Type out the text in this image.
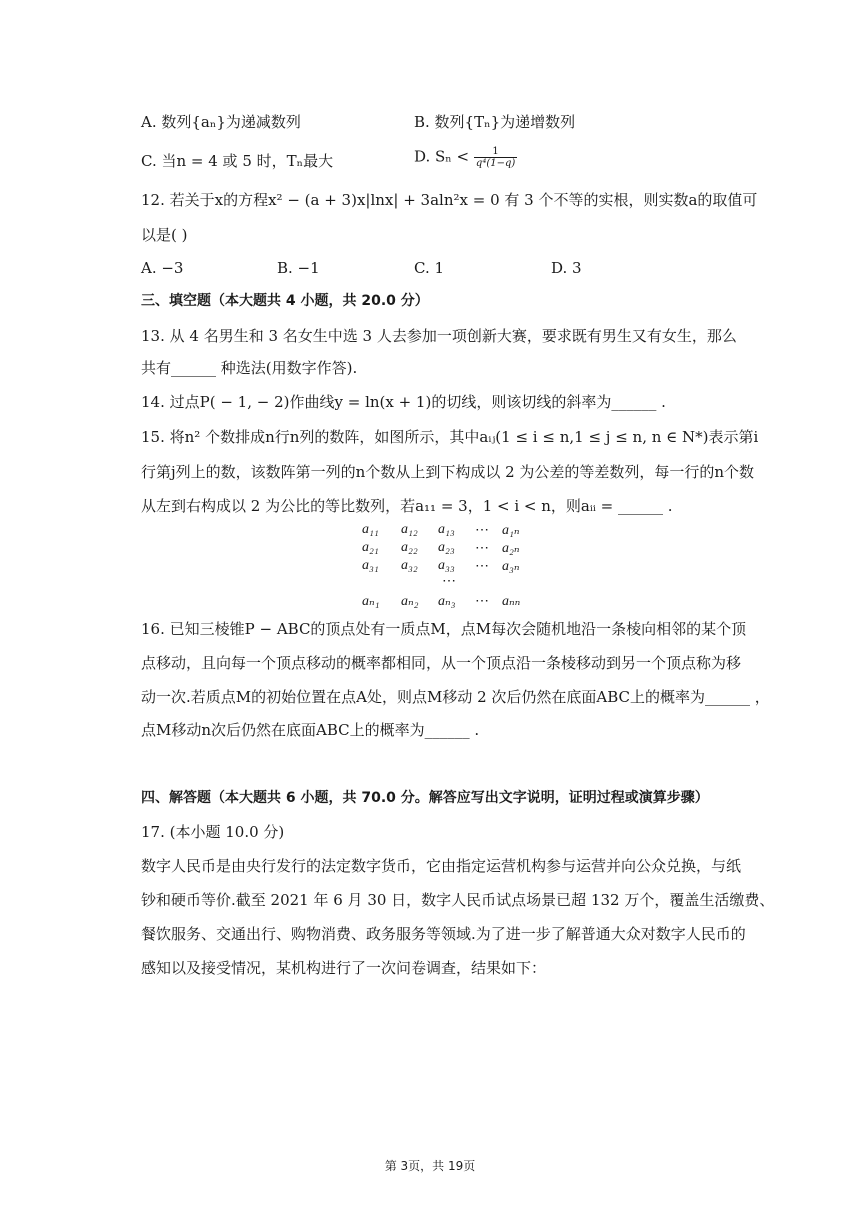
A. 数列{aₙ}为递减数列	B. 数列{Tₙ}为递增数列
C. 当n = 4 或 5 时，Tₙ最大	D. $S_n < \frac{1}{\text{q⁴(1−q)}}$
12. 若关于x的方程x² − (a + 3)x|lnx| + 3aln²x = 0 有 3 个不等的实根，则实数a的取值可
以是( )
A. −3	B. −1	C. 1	D. 3
三、填空题（本大题共 4 小题，共 20.0 分）
13. 从 4 名男生和 3 名女生中选 3 人去参加一项创新大赛，要求既有男生又有女生，那么
共有______ 种选法(用数字作答).
14. 过点P( − 1, − 2)作曲线y = ln(x + 1)的切线，则该切线的斜率为______ .
15. 将n² 个数排成n行n列的数阵，如图所示，其中aᵢⱼ(1 ≤ i ≤ n,1 ≤ j ≤ n, n ∈ N*)表示第i
行第j列上的数，该数阵第一列的n个数从上到下构成以 2 为公差的等差数列，每一行的n个数
从左到右构成以 2 为公比的等比数列，若a₁₁ = 3，1 < i < n，则aᵢᵢ = ______ .
a₁₁ a₁₂ a₁₃ ⋯ a₁ₙ
a₂₁ a₂₂ a₂₃ ⋯ a₂ₙ
a₃₁ a₃₂ a₃₃ ⋯ a₃ₙ
⋯
aₙ₁ aₙ₂ aₙ₃ ⋯ aₙₙ
16. 已知三棱锥P − ABC的顶点处有一质点M，点M每次会随机地沿一条棱向相邻的某个顶
点移动，且向每一个顶点移动的概率都相同，从一个顶点沿一条棱移动到另一个顶点称为移
动一次.若质点M的初始位置在点A处，则点M移动 2 次后仍然在底面ABC上的概率为______ ，
点M移动n次后仍然在底面ABC上的概率为______ .
四、解答题（本大题共 6 小题，共 70.0 分。解答应写出文字说明，证明过程或演算步骤）
17. (本小题 10.0 分)
数字人民币是由央行发行的法定数字货币，它由指定运营机构参与运营并向公众兑换，与纸
钞和硬币等价.截至 2021 年 6 月 30 日，数字人民币试点场景已超 132 万个，覆盖生活缴费、
餐饮服务、交通出行、购物消费、政务服务等领域.为了进一步了解普通大众对数字人民币的
感知以及接受情况，某机构进行了一次问卷调查，结果如下：
第 3页，共 19页
